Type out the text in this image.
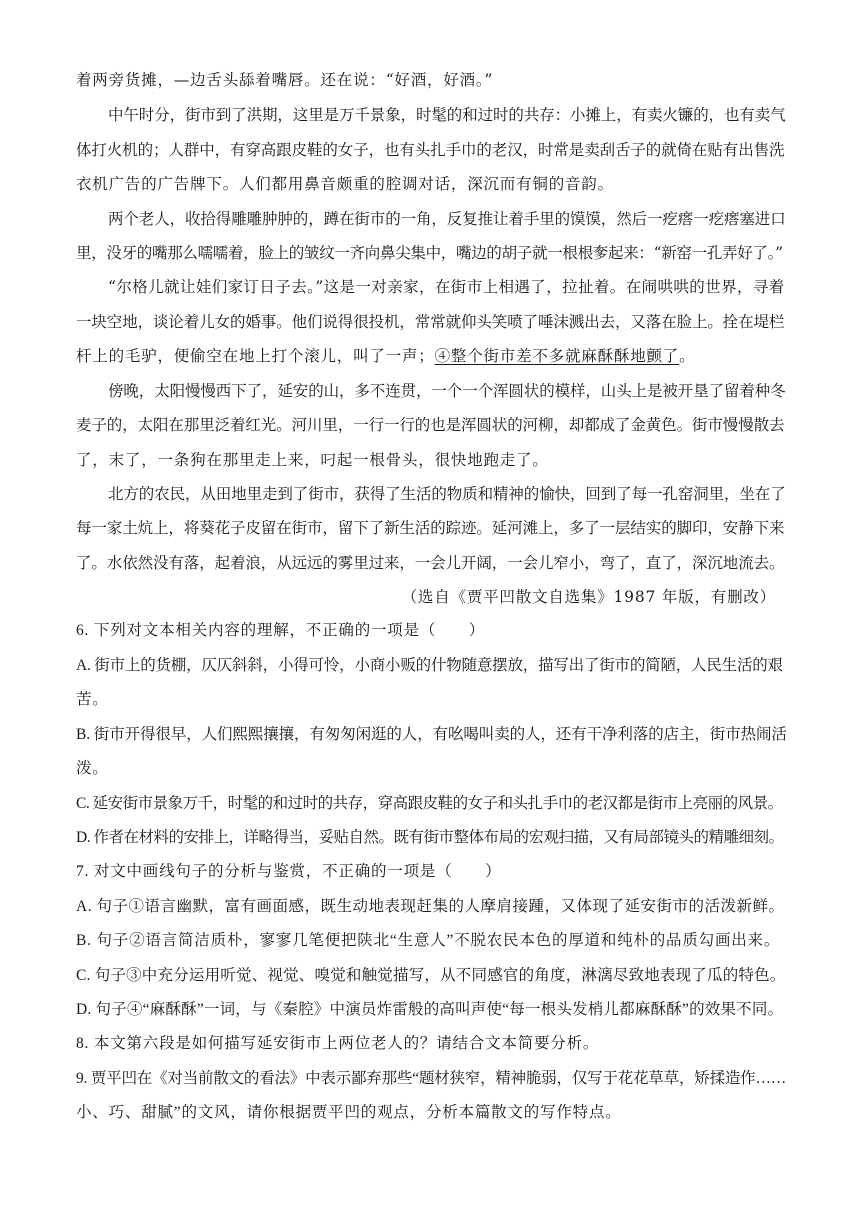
着两旁货摊，—边舌头舔着嘴唇。还在说：“好酒，好酒。”
中午时分，街市到了洪期，这里是万千景象，时髦的和过时的共存：小摊上，有卖火镰的，也有卖气
体打火机的；人群中，有穿高跟皮鞋的女子，也有头扎手巾的老汉，时常是卖刮舌子的就倚在贴有出售洗
衣机广告的广告牌下。人们都用鼻音颇重的腔调对话，深沉而有铜的音韵。
两个老人，收拾得雕雕肿肿的，蹲在街市的一角，反复推让着手里的馍馍，然后一疙瘩一疙瘩塞进口
里，没牙的嘴那么嚅嚅着，脸上的皱纹一齐向鼻尖集中，嘴边的胡子就一根根奓起来：“新窑一孔弄好了。”
“尔格儿就让娃们家订日子去。”这是一对亲家，在街市上相遇了，拉扯着。在闹哄哄的世界，寻着
一块空地，谈论着儿女的婚事。他们说得很投机，常常就仰头笑喷了唾沫溅出去，又落在脸上。拴在堤栏
杆上的毛驴，便偷空在地上打个滚儿，叫了一声；④整个街市差不多就麻酥酥地颤了。
傍晚，太阳慢慢西下了，延安的山，多不连贯，一个一个浑圆状的模样，山头上是被开垦了留着种冬
麦子的，太阳在那里泛着红光。河川里，一行一行的也是浑圆状的河柳，却都成了金黄色。街市慢慢散去
了，末了，一条狗在那里走上来，叼起一根骨头，很快地跑走了。
北方的农民，从田地里走到了街市，获得了生活的物质和精神的愉快，回到了每一孔窑洞里，坐在了
每一家土炕上，将葵花子皮留在街市，留下了新生活的踪迹。延河滩上，多了一层结实的脚印，安静下来
了。水依然没有落，起着浪，从远远的雾里过来，一会儿开阔，一会儿窄小，弯了，直了，深沉地流去。
（选自《贾平凹散文自选集》1987 年版，有删改）
6. 下列对文本相关内容的理解，不正确的一项是（　　）
A. 街市上的货棚，仄仄斜斜，小得可怜，小商小贩的什物随意摆放，描写出了街市的简陋，人民生活的艰
苦。
B. 街市开得很早，人们熙熙攘攘，有匆匆闲逛的人，有吆喝叫卖的人，还有干净利落的店主，街市热闹活
泼。
C. 延安街市景象万千，时髦的和过时的共存，穿高跟皮鞋的女子和头扎手巾的老汉都是街市上亮丽的风景。
D. 作者在材料的安排上，详略得当，妥贴自然。既有街市整体布局的宏观扫描，又有局部镜头的精雕细刻。
7. 对文中画线句子的分析与鉴赏，不正确的一项是（　　）
A. 句子①语言幽默，富有画面感，既生动地表现赶集的人摩肩接踵，又体现了延安街市的活泼新鲜。
B. 句子②语言简洁质朴，寥寥几笔便把陕北“生意人”不脱农民本色的厚道和纯朴的品质勾画出来。
C. 句子③中充分运用听觉、视觉、嗅觉和触觉描写，从不同感官的角度，淋漓尽致地表现了瓜的特色。
D. 句子④“麻酥酥”一词，与《秦腔》中演员炸雷般的高叫声使“每一根头发梢儿都麻酥酥”的效果不同。
8. 本文第六段是如何描写延安街市上两位老人的？请结合文本简要分析。
9. 贾平凹在《对当前散文的看法》中表示鄙弃那些“题材狭窄，精神脆弱，仅写于花花草草，矫揉造作……
小、巧、甜腻”的文风，请你根据贾平凹的观点，分析本篇散文的写作特点。
